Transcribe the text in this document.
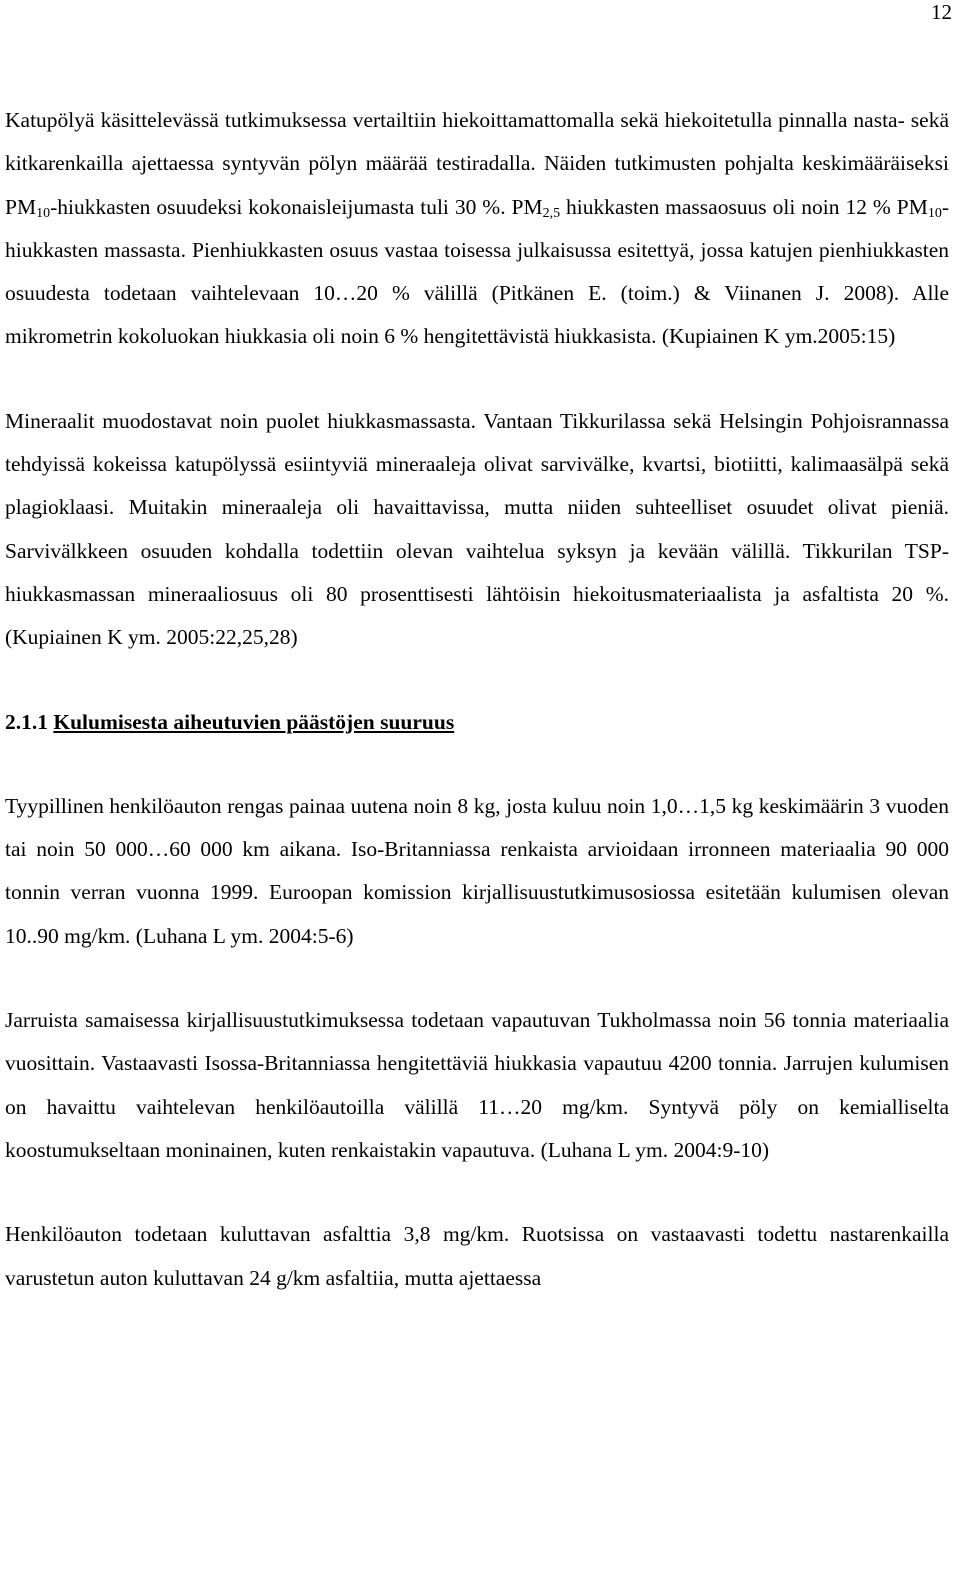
12

Katupölyä käsittelevässä tutkimuksessa vertailtiin hiekoittamattomalla sekä hiekoitetulla pinnalla nasta- sekä kitkarenkailla ajettaessa syntyvän pölyn määrää testiradalla. Näiden tutkimusten pohjalta keskimääräiseksi $PM_{10}$-hiukkasten osuudeksi kokonaisleijumasta tuli 30 %. $PM_{2,5}$ hiukkasten massaosuus oli noin 12 % $PM_{10}$-hiukkasten massasta. Pienhiukkasten osuus vastaa toisessa julkaisussa esitettyä, jossa katujen pienhiukkasten osuudesta todetaan vaihtelevaan 10…20 % välillä (Pitkänen E. (toim.) & Viinanen J. 2008). Alle mikrometrin kokoluokan hiukkasia oli noin 6 % hengitettävistä hiukkasista. (Kupiainen K ym.2005:15)

Mineraalit muodostavat noin puolet hiukkasmassasta. Vantaan Tikkurilassa sekä Helsingin Pohjoisrannassa tehdyissä kokeissa katupölyssä esiintyviä mineraaleja olivat sarvivälke, kvartsi, biotiitti, kalimaasälpä sekä plagioklaasi. Muitakin mineraaleja oli havaittavissa, mutta niiden suhteelliset osuudet olivat pieniä. Sarvivälkkeen osuuden kohdalla todettiin olevan vaihtelua syksyn ja kevään välillä. Tikkurilan TSP-hiukkasmassan mineraaliosuus oli 80 prosenttisesti lähtöisin hiekoitusmateriaalista ja asfaltista 20 %. (Kupiainen K ym. 2005:22,25,28)

2.1.1 Kulumisesta aiheutuvien päästöjen suuruus

Tyypillinen henkilöauton rengas painaa uutena noin 8 kg, josta kuluu noin 1,0…1,5 kg keskimäärin 3 vuoden tai noin 50 000…60 000 km aikana. Iso-Britanniassa renkaista arvioidaan irronneen materiaalia 90 000 tonnin verran vuonna 1999. Euroopan komission kirjallisuustutkimusosiossa esitetään kulumisen olevan 10..90 mg/km. (Luhana L ym. 2004:5-6)

Jarruista samaisessa kirjallisuustutkimuksessa todetaan vapautuvan Tukholmassa noin 56 tonnia materiaalia vuosittain. Vastaavasti Isossa-Britanniassa hengitettäviä hiukkasia vapautuu 4200 tonnia. Jarrujen kulumisen on havaittu vaihtelevan henkilöautoilla välillä 11…20 mg/km. Syntyvä pöly on kemialliselta koostumukseltaan moninainen, kuten renkaistakin vapautuva. (Luhana L ym. 2004:9-10)

Henkilöauton todetaan kuluttavan asfalttia 3,8 mg/km. Ruotsissa on vastaavasti todettu nastarenkailla varustetun auton kuluttavan 24 g/km asfaltiia, mutta ajettaessa
